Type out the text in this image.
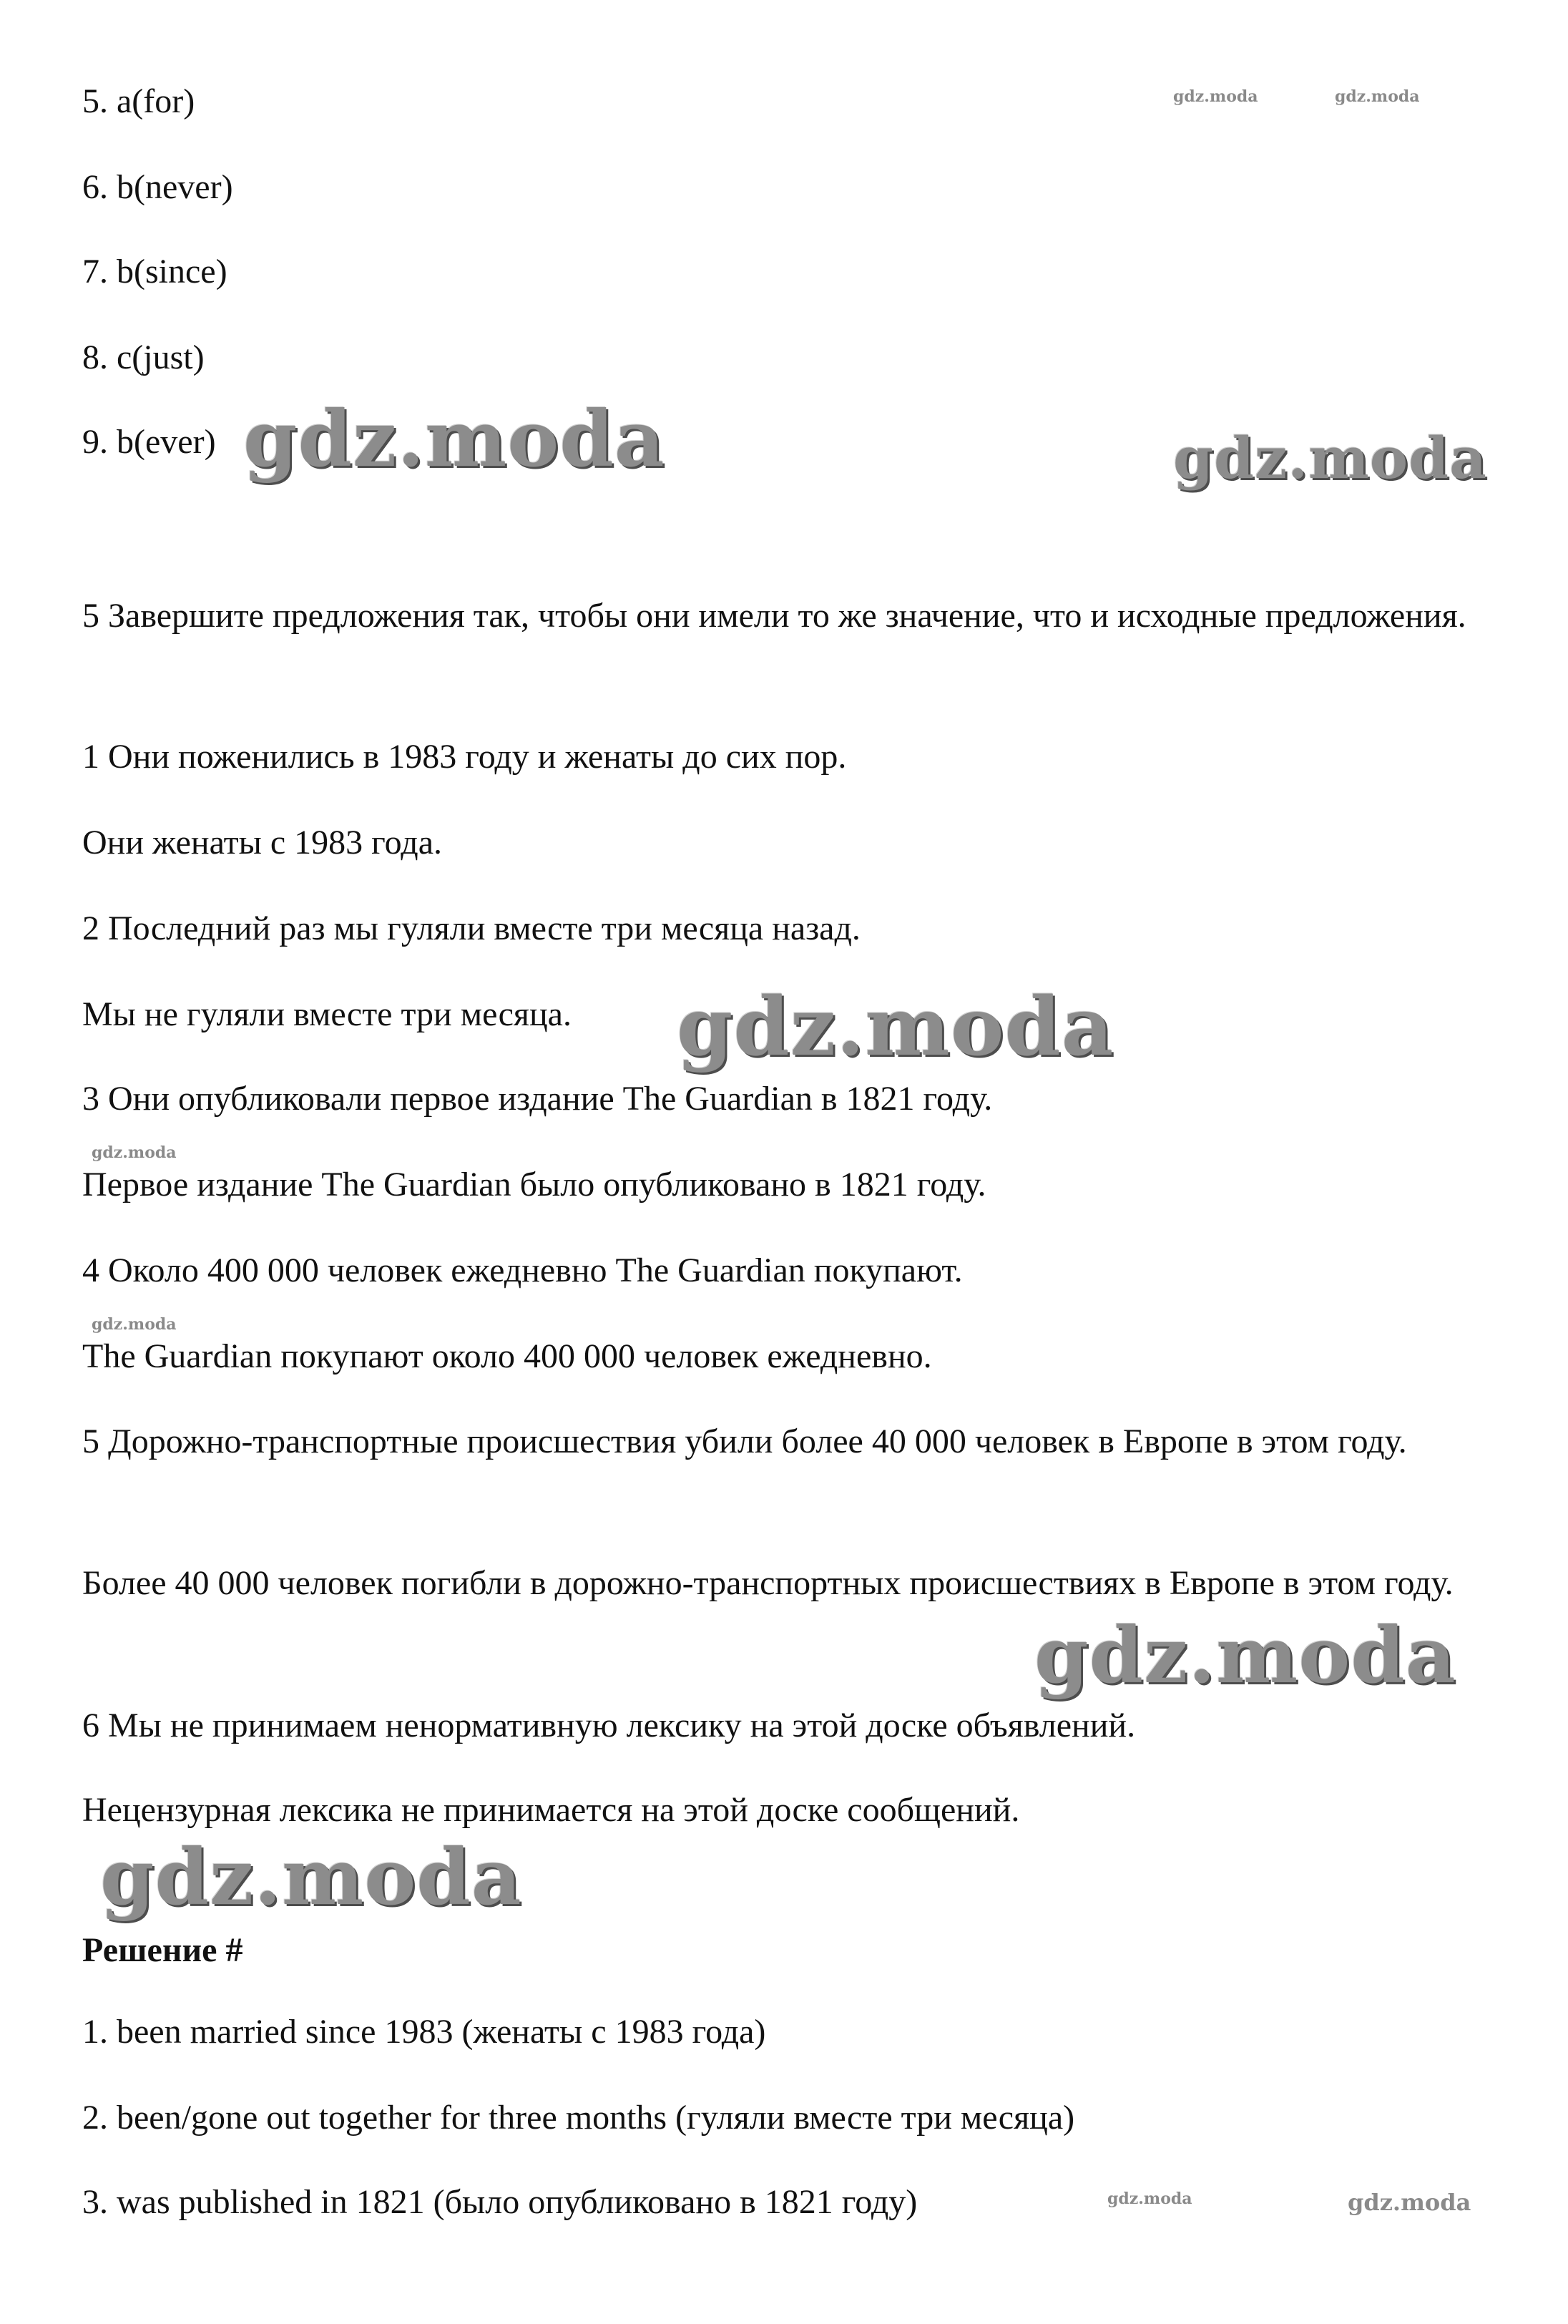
5. a(for)
6. b(never)
7. b(since)
8. c(just)
9. b(ever)
5 Завершите предложения так, чтобы они имели то же значение, что и исходные предложения.
1 Они поженились в 1983 году и женаты до сих пор.
Они женаты с 1983 года.
2 Последний раз мы гуляли вместе три месяца назад.
Мы не гуляли вместе три месяца.
3 Они опубликовали первое издание The Guardian в 1821 году.
Первое издание The Guardian было опубликовано в 1821 году.
4 Около 400 000 человек ежедневно The Guardian покупают.
The Guardian покупают около 400 000 человек ежедневно.
5 Дорожно-транспортные происшествия убили более 40 000 человек в Европе в этом году.
Более 40 000 человек погибли в дорожно-транспортных происшествиях в Европе в этом году.
6 Мы не принимаем ненормативную лексику на этой доске объявлений.
Нецензурная лексика не принимается на этой доске сообщений.
Решение #
1. been married since 1983 (женаты с 1983 года)
2. been/gone out together for three months (гуляли вместе три месяца)
3. was published in 1821 (было опубликовано в 1821 году)
gdz.moda	gdz.moda
gdz.moda	gdz.moda
gdz.moda
gdz.moda
gdz.moda
gdz.moda
gdz.moda
gdz.moda	gdz.moda
